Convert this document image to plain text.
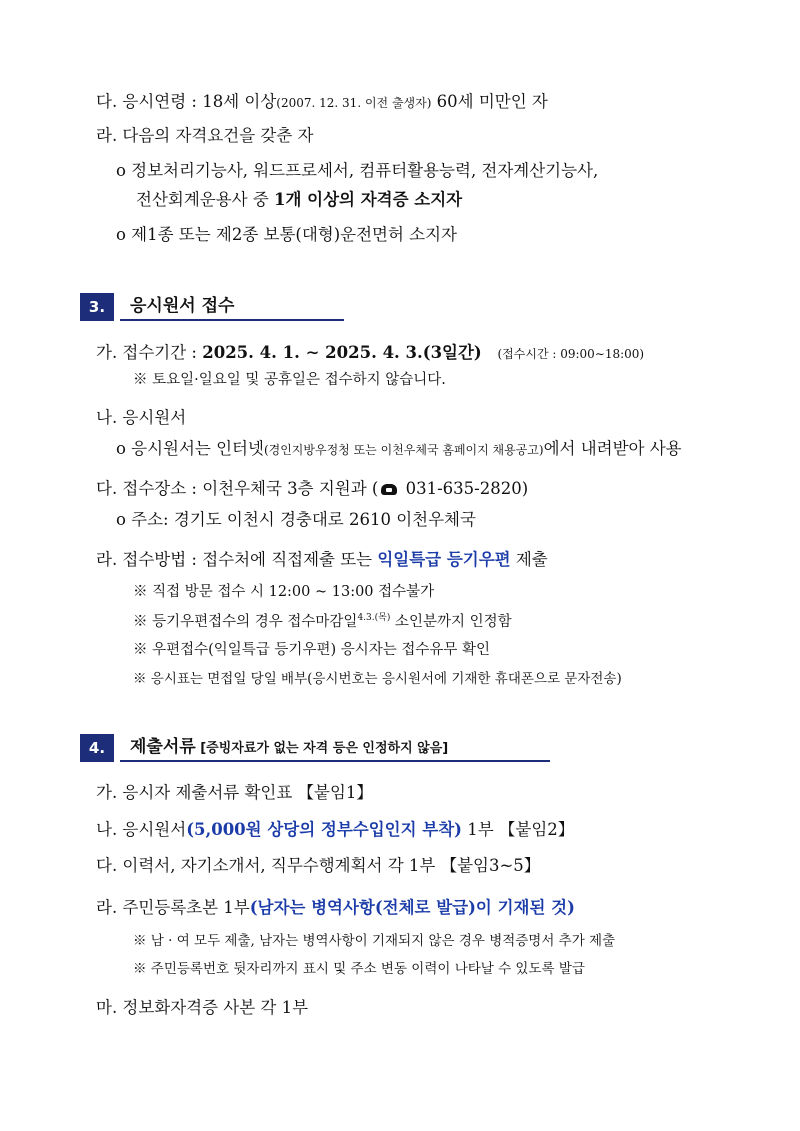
다. 응시연령 : 18세 이상(2007. 12. 31. 이전 출생자) 60세 미만인 자
라. 다음의 자격요건을 갖춘 자
o 정보처리기능사, 워드프로세서, 컴퓨터활용능력, 전자계산기능사,
전산회계운용사 중 1개 이상의 자격증 소지자
o 제1종 또는 제2종 보통(대형)운전면허 소지자
3.	응시원서 접수
가. 접수기간 : 2025. 4. 1. ∼ 2025. 4. 3.(3일간) (접수시간 : 09:00∼18:00)
※ 토요일·일요일 및 공휴일은 접수하지 않습니다.
나. 응시원서
o 응시원서는 인터넷(경인지방우정청 또는 이천우체국 홈페이지 채용공고)에서 내려받아 사용
다. 접수장소 : 이천우체국 3층 지원과 ( 031-635-2820)
o 주소: 경기도 이천시 경충대로 2610 이천우체국
라. 접수방법 : 접수처에 직접제출 또는 익일특급 등기우편 제출
※ 직접 방문 접수 시 12:00 ~ 13:00 접수불가
※ 등기우편접수의 경우 접수마감일$^{4.3.(목)}$ 소인분까지 인정함
※ 우편접수(익일특급 등기우편) 응시자는 접수유무 확인
※ 응시표는 면접일 당일 배부(응시번호는 응시원서에 기재한 휴대폰으로 문자전송)
4.	제출서류 [증빙자료가 없는 자격 등은 인정하지 않음]
가. 응시자 제출서류 확인표 【붙임1】
나. 응시원서(5,000원 상당의 정부수입인지 부착) 1부 【붙임2】
다. 이력서, 자기소개서, 직무수행계획서 각 1부 【붙임3~5】
라. 주민등록초본 1부(남자는 병역사항(전체로 발급)이 기재된 것)
※ 남 · 여 모두 제출, 남자는 병역사항이 기재되지 않은 경우 병적증명서 추가 제출
※ 주민등록번호 뒷자리까지 표시 및 주소 변동 이력이 나타날 수 있도록 발급
마. 정보화자격증 사본 각 1부
